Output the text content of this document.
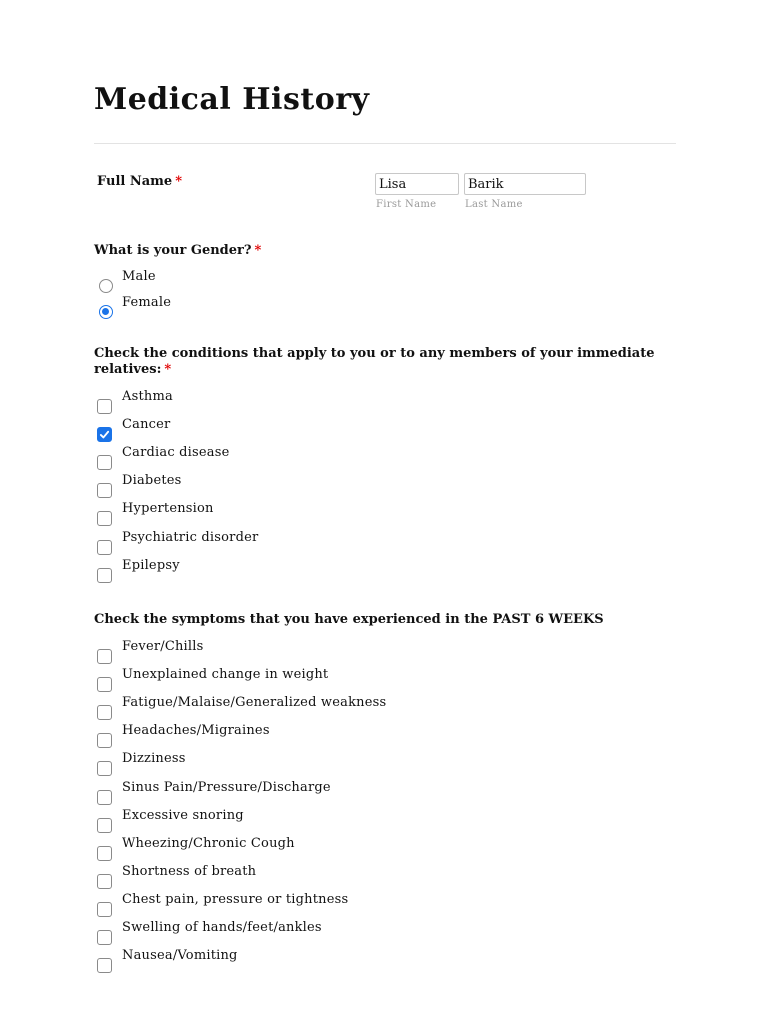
Medical History
Full Name *
Lisa
Barik
First Name	Last Name
What is your Gender? *
Male
Female
Check the conditions that apply to you or to any members of your immediate relatives: *
Asthma
Cancer
Cardiac disease
Diabetes
Hypertension
Psychiatric disorder
Epilepsy
Check the symptoms that you have experienced in the PAST 6 WEEKS
Fever/Chills
Unexplained change in weight
Fatigue/Malaise/Generalized weakness
Headaches/Migraines
Dizziness
Sinus Pain/Pressure/Discharge
Excessive snoring
Wheezing/Chronic Cough
Shortness of breath
Chest pain, pressure or tightness
Swelling of hands/feet/ankles
Nausea/Vomiting
